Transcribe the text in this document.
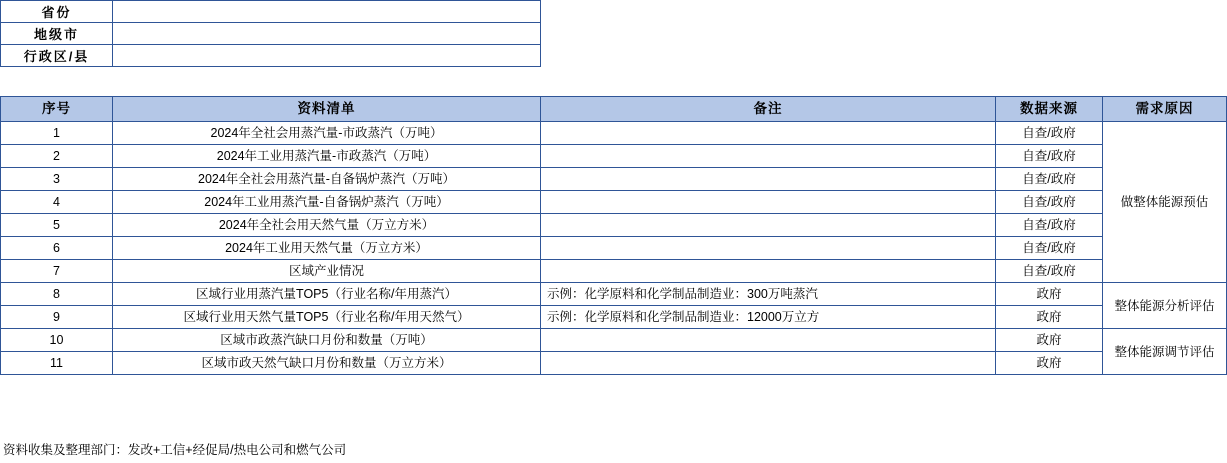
省份				
地级市				
行政区/县				
序号	资料清单	备注	数据来源	需求原因
1	2024年全社会用蒸汽量-市政蒸汽（万吨）		自查/政府	做整体能源预估
2	2024年工业用蒸汽量-市政蒸汽（万吨）		自查/政府	
3	2024年全社会用蒸汽量-自备锅炉蒸汽（万吨）		自查/政府	
4	2024年工业用蒸汽量-自备锅炉蒸汽（万吨）		自查/政府	
5	2024年全社会用天然气量（万立方米）		自查/政府	
6	2024年工业用天然气量（万立方米）		自查/政府	
7	区域产业情况		自查/政府	
8	区域行业用蒸汽量TOP5（行业名称/年用蒸汽）	示例：化学原料和化学制品制造业：300万吨蒸汽	政府	整体能源分析评估
9	区域行业用天然气量TOP5（行业名称/年用天然气）	示例：化学原料和化学制品制造业：12000万立方	政府	
10	区域市政蒸汽缺口月份和数量（万吨）		政府	整体能源调节评估
11	区域市政天然气缺口月份和数量（万立方米）		政府	
资料收集及整理部门：发改+工信+经促局/热电公司和燃气公司
